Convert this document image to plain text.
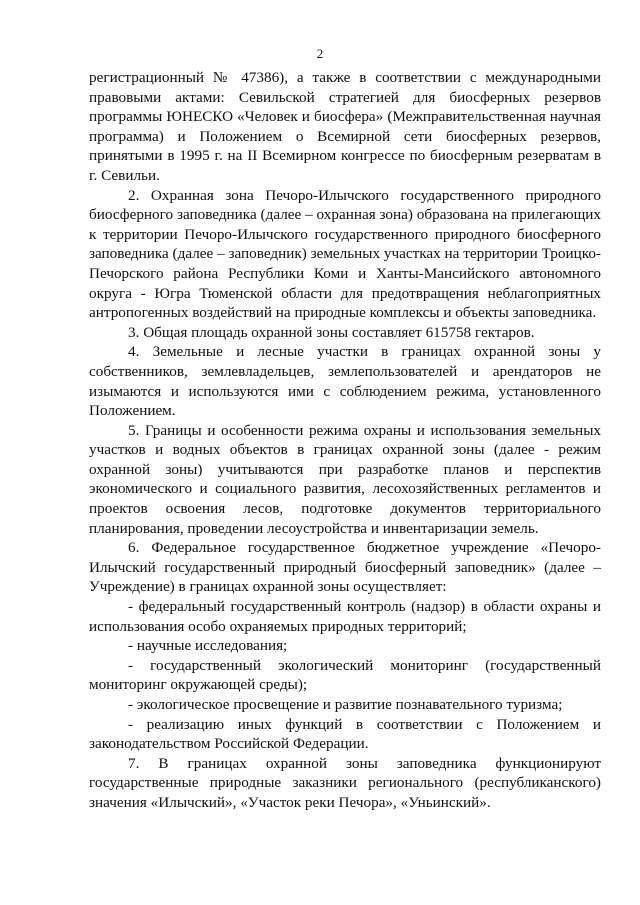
2

регистрационный № 47386), а также в соответствии с международными правовыми актами: Севильской стратегией для биосферных резервов программы ЮНЕСКО «Человек и биосфера» (Межправительственная научная программа) и Положением о Всемирной сети биосферных резервов, принятыми в 1995 г. на II Всемирном конгрессе по биосферным резерватам в г. Севильи.

2. Охранная зона Печоро-Илычского государственного природного биосферного заповедника (далее – охранная зона) образована на прилегающих к территории Печоро-Илычского государственного природного биосферного заповедника (далее – заповедник) земельных участках на территории Троицко-Печорского района Республики Коми и Ханты-Мансийского автономного округа - Югра Тюменской области для предотвращения неблагоприятных антропогенных воздействий на природные комплексы и объекты заповедника.

3. Общая площадь охранной зоны составляет 615758 гектаров.

4. Земельные и лесные участки в границах охранной зоны у собственников, землевладельцев, землепользователей и арендаторов не изымаются и используются ими с соблюдением режима, установленного Положением.

5. Границы и особенности режима охраны и использования земельных участков и водных объектов в границах охранной зоны (далее - режим охранной зоны) учитываются при разработке планов и перспектив экономического и социального развития, лесохозяйственных регламентов и проектов освоения лесов, подготовке документов территориального планирования, проведении лесоустройства и инвентаризации земель.

6. Федеральное государственное бюджетное учреждение «Печоро-Илычский государственный природный биосферный заповедник» (далее – Учреждение) в границах охранной зоны осуществляет:

- федеральный государственный контроль (надзор) в области охраны и использования особо охраняемых природных территорий;

- научные исследования;

- государственный экологический мониторинг (государственный мониторинг окружающей среды);

- экологическое просвещение и развитие познавательного туризма;

- реализацию иных функций в соответствии с Положением и законодательством Российской Федерации.

7. В границах охранной зоны заповедника функционируют государственные природные заказники регионального (республиканского) значения «Илычский», «Участок реки Печора», «Уньинский».
